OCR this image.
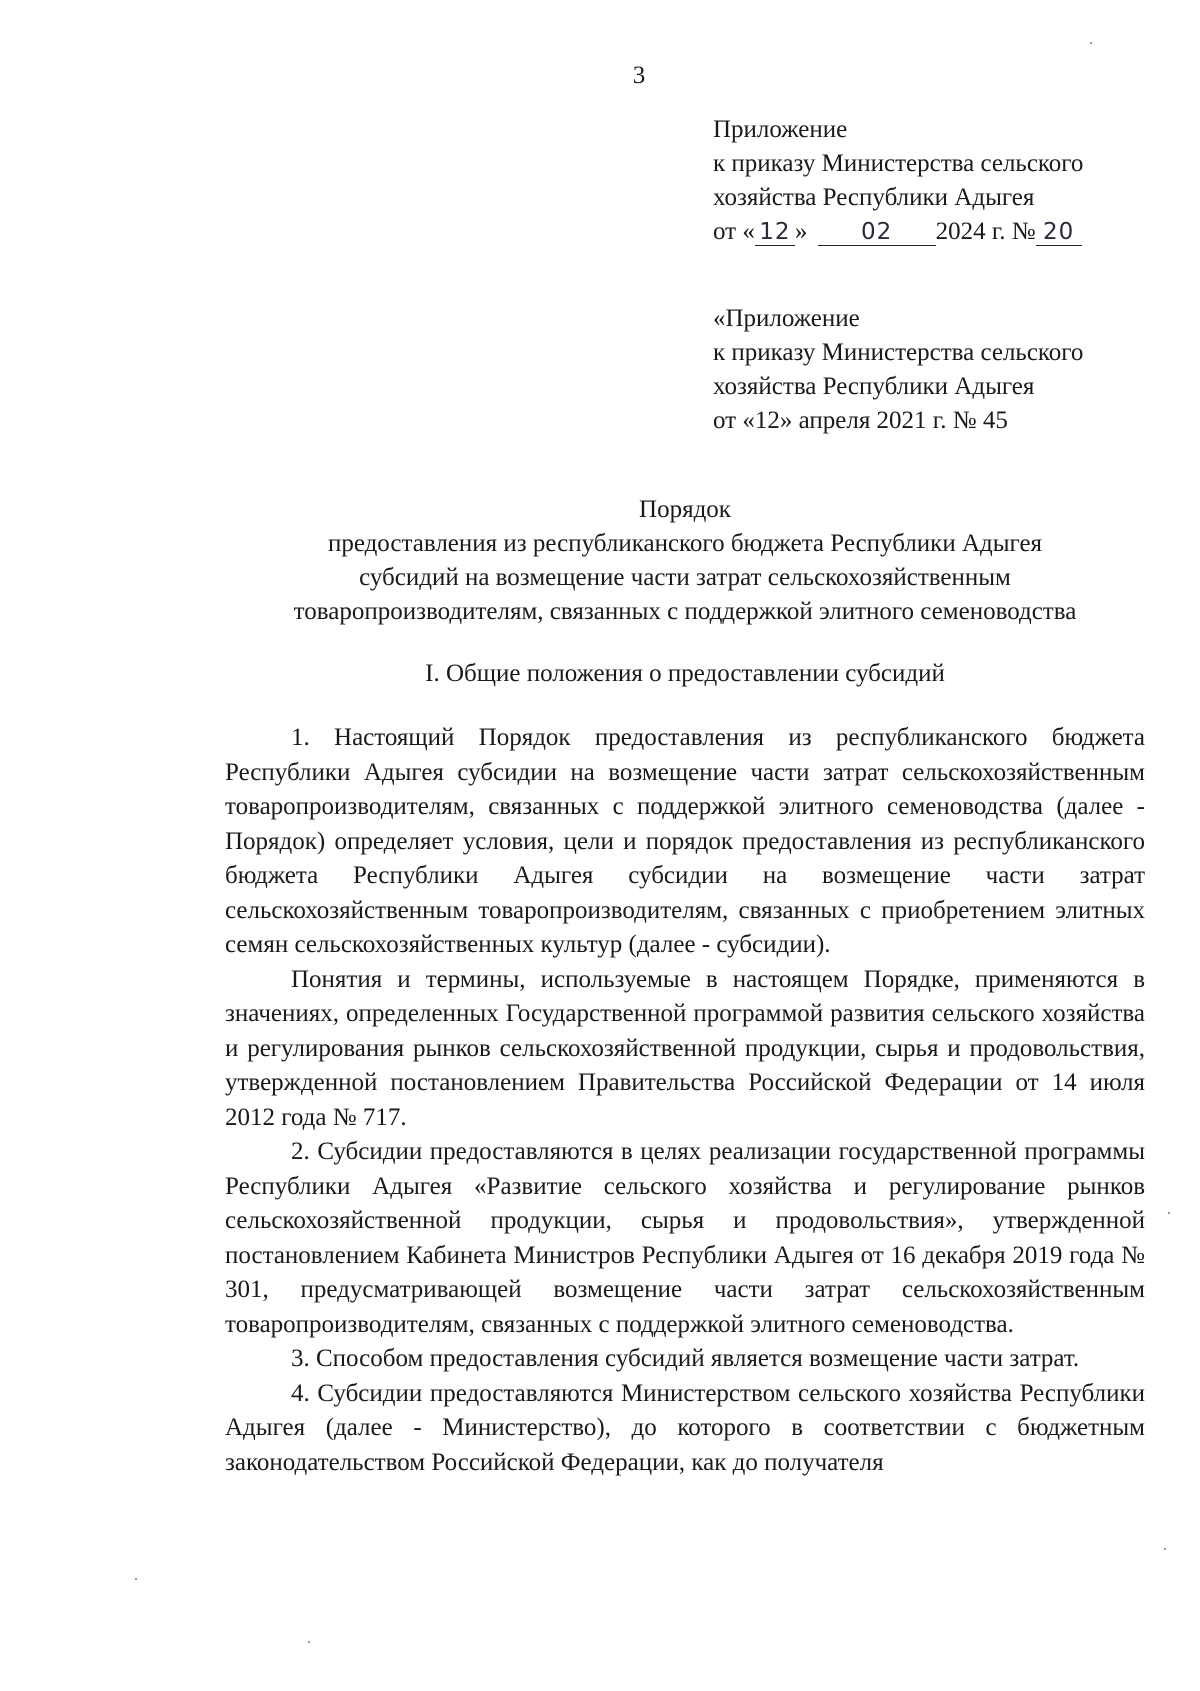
3
Приложение
к приказу Министерства сельского
хозяйства Республики Адыгея
от « 12 » 02 2024 г. № 20
«Приложение
к приказу Министерства сельского
хозяйства Республики Адыгея
от «12» апреля 2021 г. № 45
Порядок
предоставления из республиканского бюджета Республики Адыгея
субсидий на возмещение части затрат сельскохозяйственным
товаропроизводителям, связанных с поддержкой элитного семеноводства
I. Общие положения о предоставлении субсидий

1. Настоящий Порядок предоставления из республиканского бюджета Республики Адыгея субсидии на возмещение части затрат сельскохозяйственным товаропроизводителям, связанных с поддержкой элитного семеноводства (далее - Порядок) определяет условия, цели и порядок предоставления из республиканского бюджета Республики Адыгея субсидии на возмещение части затрат сельскохозяйственным товаропроизводителям, связанных с приобретением элитных семян сельскохозяйственных культур (далее - субсидии).

Понятия и термины, используемые в настоящем Порядке, применяются в значениях, определенных Государственной программой развития сельского хозяйства и регулирования рынков сельскохозяйственной продукции, сырья и продовольствия, утвержденной постановлением Правительства Российской Федерации от 14 июля 2012 года № 717.

2. Субсидии предоставляются в целях реализации государственной программы Республики Адыгея «Развитие сельского хозяйства и регулирование рынков сельскохозяйственной продукции, сырья и продовольствия», утвержденной постановлением Кабинета Министров Республики Адыгея от 16 декабря 2019 года № 301, предусматривающей возмещение части затрат сельскохозяйственным товаропроизводителям, связанных с поддержкой элитного семеноводства.

3. Способом предоставления субсидий является возмещение части затрат.

4. Субсидии предоставляются Министерством сельского хозяйства Республики Адыгея (далее - Министерство), до которого в соответствии с бюджетным законодательством Российской Федерации, как до получателя
